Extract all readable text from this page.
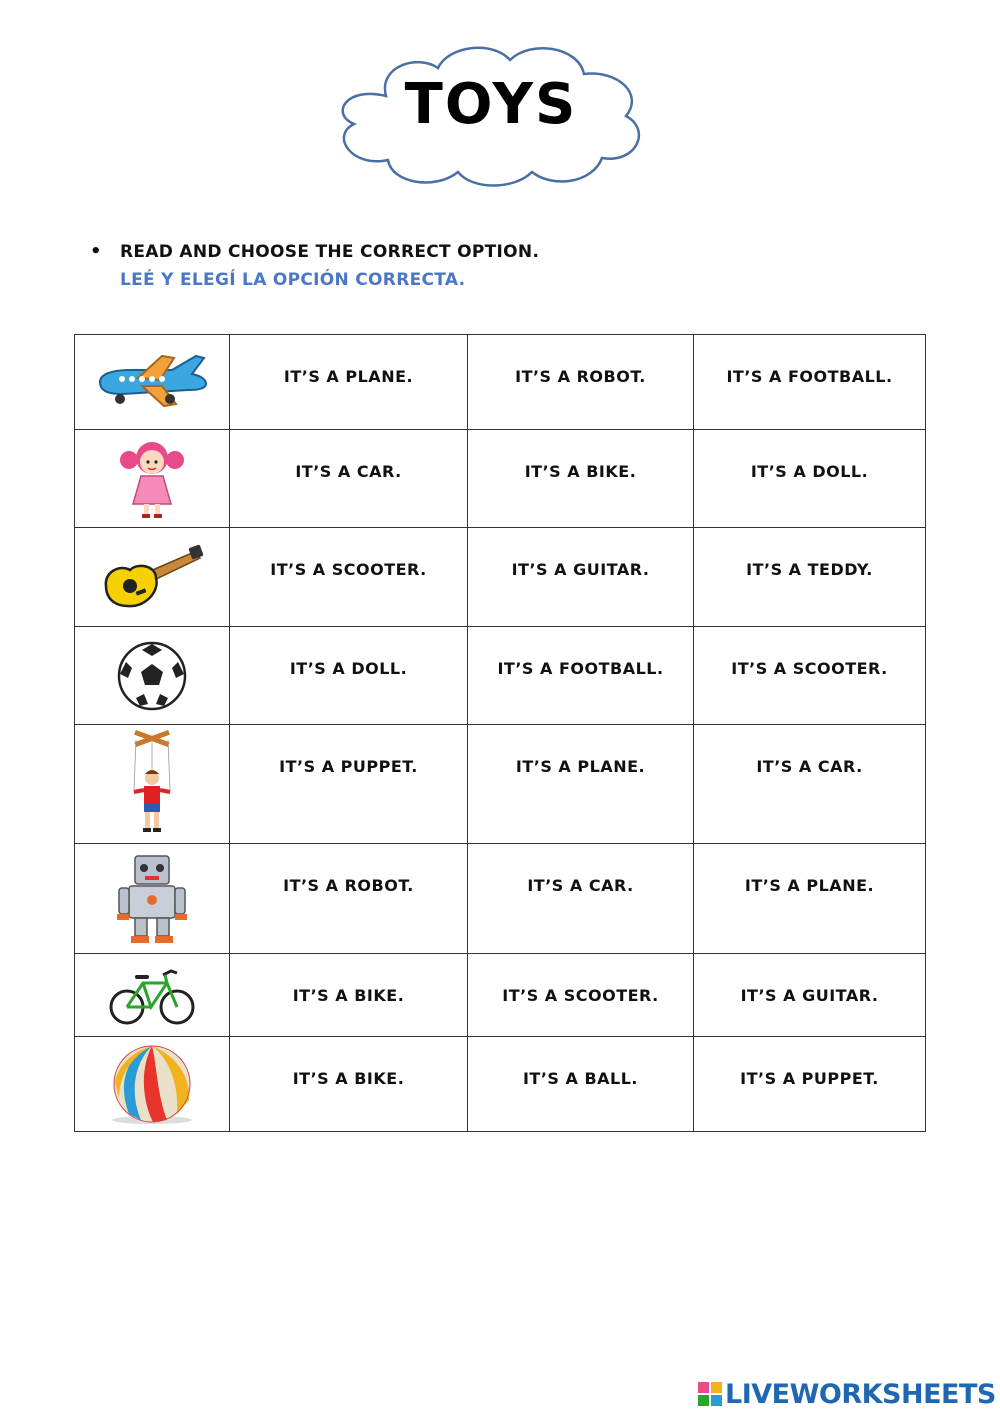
TOYS
• READ AND CHOOSE THE CORRECT OPTION.
LEÉ Y ELEGÍ LA OPCIÓN CORRECTA.
	IT’S A PLANE.	IT’S A ROBOT.	IT’S A FOOTBALL.

	IT’S A CAR.	IT’S A BIKE.	IT’S A DOLL.

	IT’S A SCOOTER.	IT’S A GUITAR.	IT’S A TEDDY.

	IT’S A DOLL.	IT’S A FOOTBALL.	IT’S A SCOOTER.

	IT’S A PUPPET.	IT’S A PLANE.	IT’S A CAR.

	IT’S A ROBOT.	IT’S A CAR.	IT’S A PLANE.

	IT’S A BIKE.	IT’S A SCOOTER.	IT’S A GUITAR.

	IT’S A BIKE.	IT’S A BALL.	IT’S A PUPPET.
LIVEWORKSHEETS
